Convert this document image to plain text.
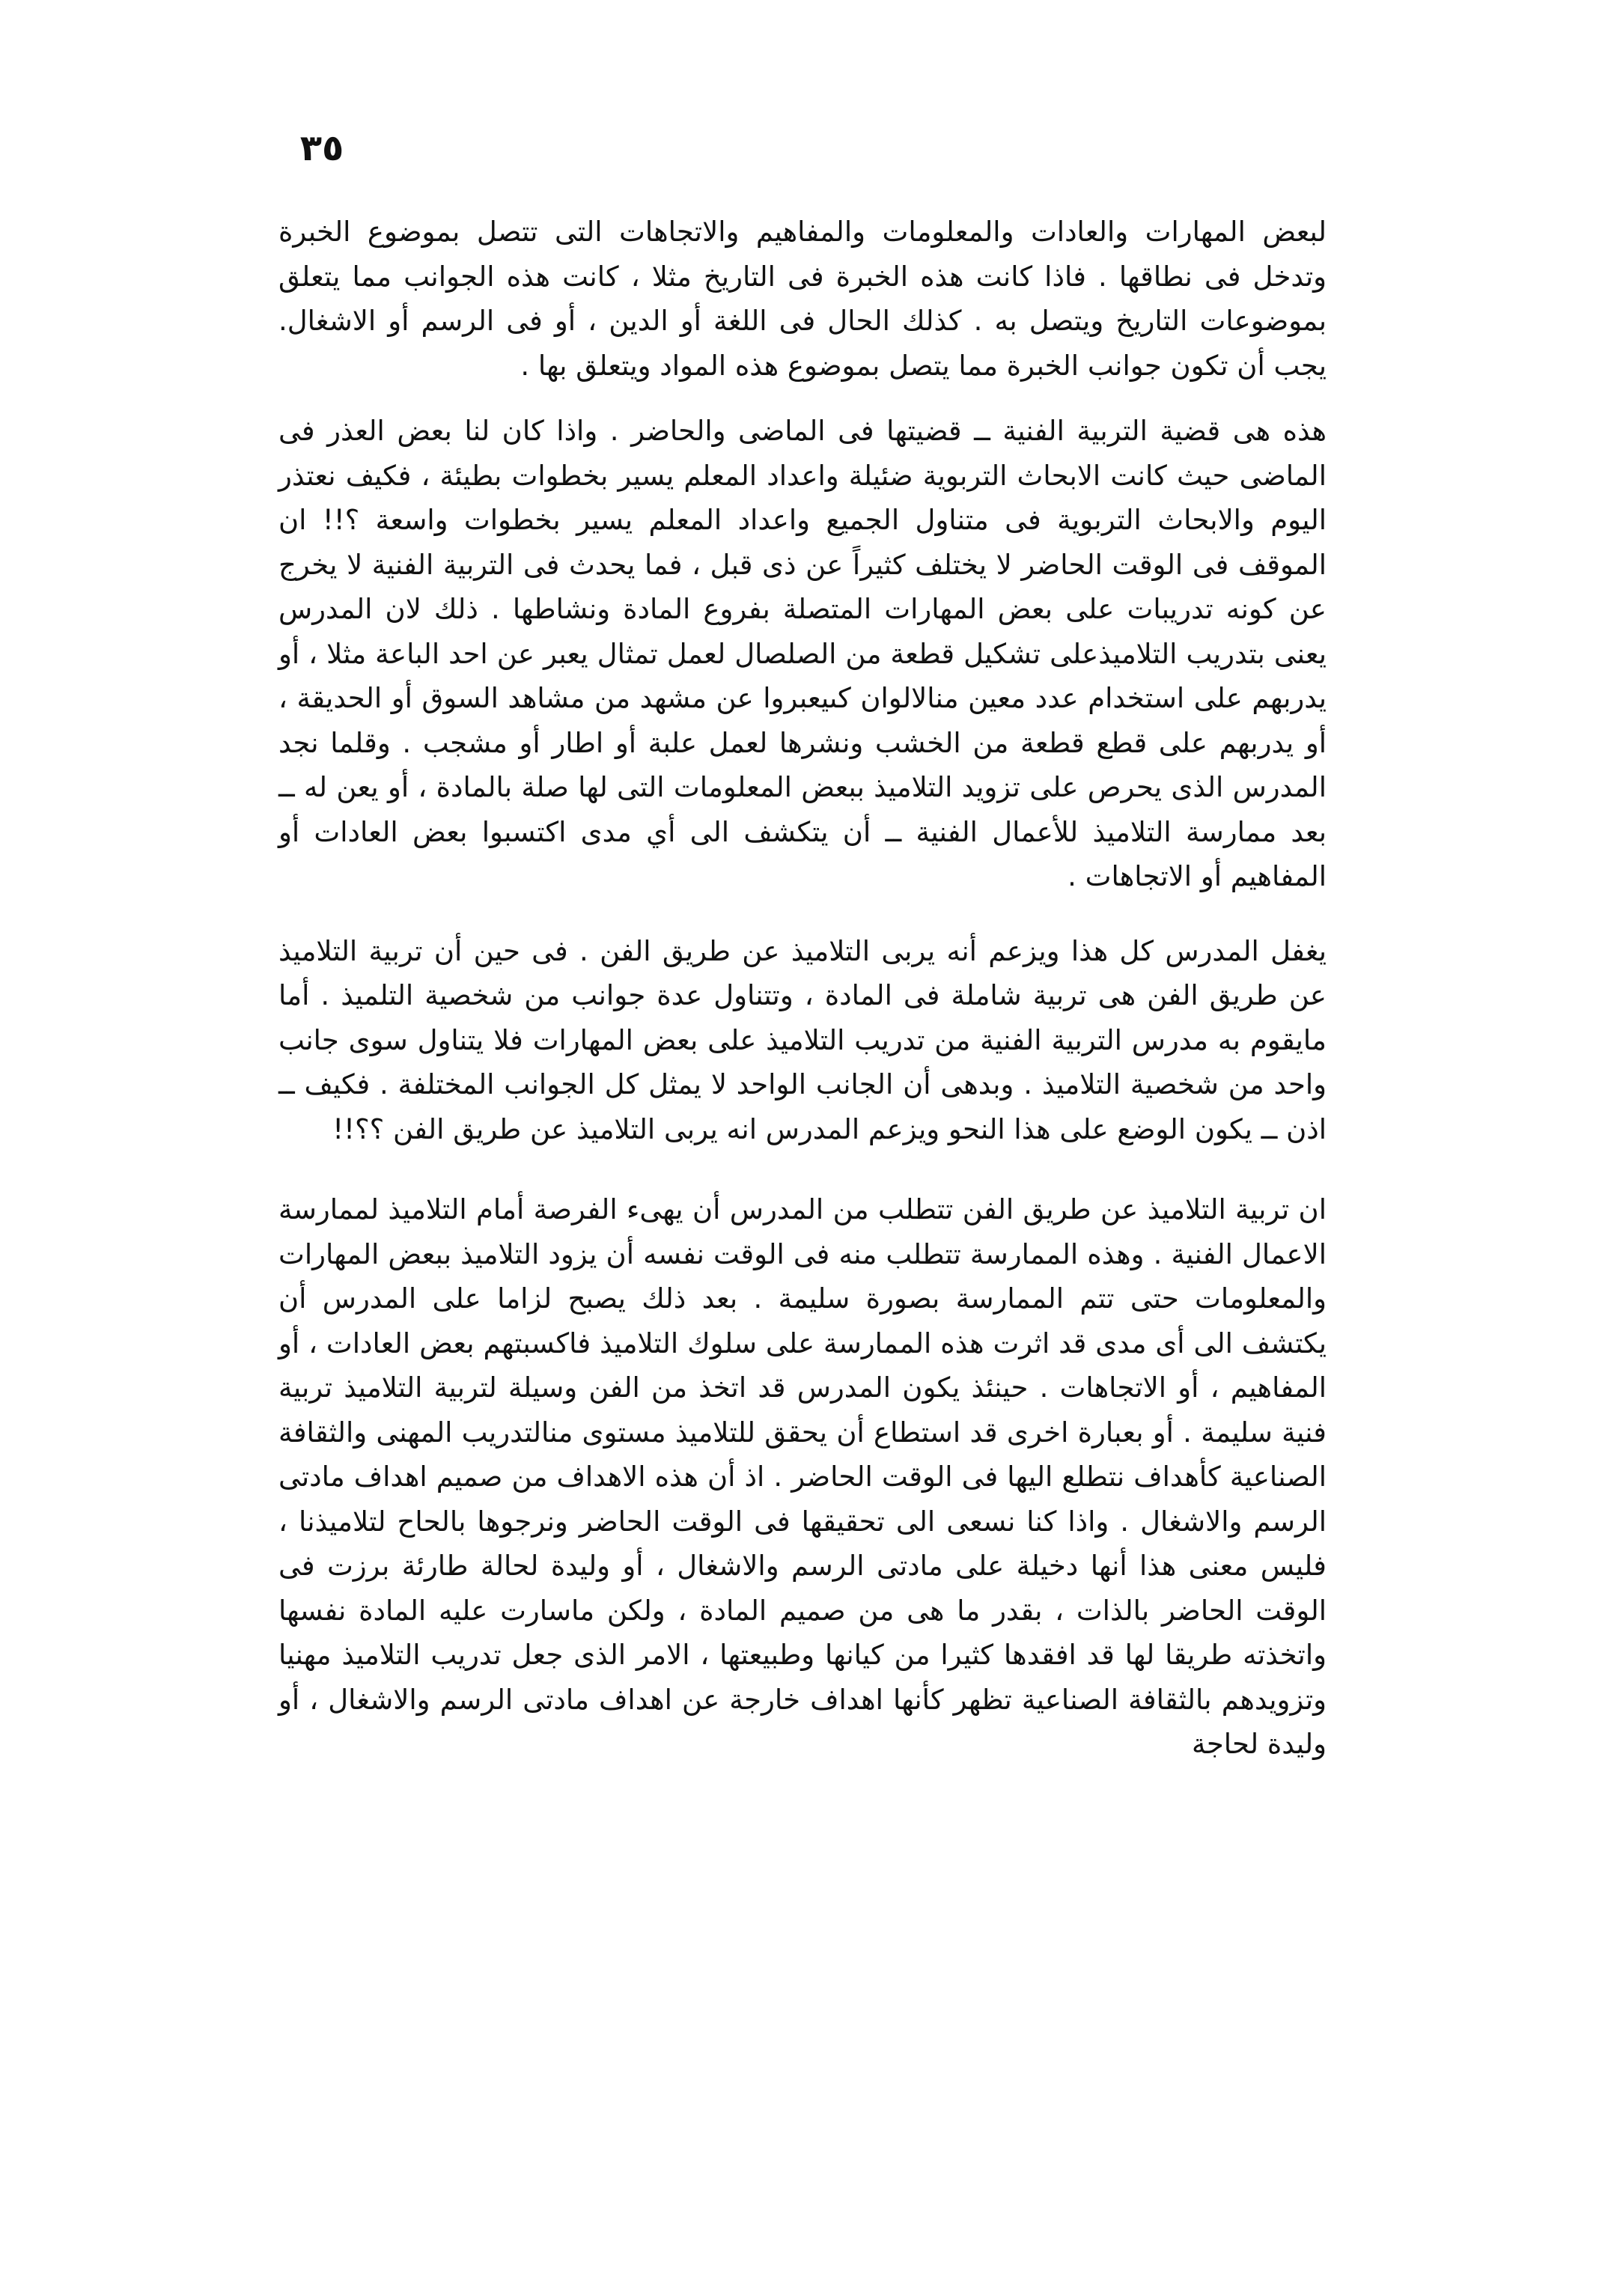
٣٥

لبعض المهارات والعادات والمعلومات والمفاهيم والاتجاهات التى تتصل بموضوع الخبرة وتدخل فى نطاقها . فاذا كانت هذه الخبرة فى التاريخ مثلا ، كانت هذه الجوانب مما يتعلق بموضوعات التاريخ ويتصل به . كذلك الحال فى اللغة أو الدين ، أو فى الرسم أو الاشغال. يجب أن تكون جوانب الخبرة مما يتصل بموضوع هذه المواد ويتعلق بها .

هذه هى قضية التربية الفنية ــ قضيتها فى الماضى والحاضر . واذا كان لنا بعض العذر فى الماضى حيث كانت الابحاث التربوية ضئيلة واعداد المعلم يسير بخطوات بطيئة ، فكيف نعتذر اليوم والابحاث التربوية فى متناول الجميع واعداد المعلم يسير بخطوات واسعة ؟!! ان الموقف فى الوقت الحاضر لا يختلف كثيراً عن ذى قبل ، فما يحدث فى التربية الفنية لا يخرج عن كونه تدريبات على بعض المهارات المتصلة بفروع المادة ونشاطها . ذلك لان المدرس يعنى بتدريب التلاميذعلى تشكيل قطعة من الصلصال لعمل تمثال يعبر عن احد الباعة مثلا ، أو يدربهم على استخدام عدد معين منالالوان كىيعبروا عن مشهد من مشاهد السوق أو الحديقة ، أو يدربهم على قطع قطعة من الخشب ونشرها لعمل علبة أو اطار أو مشجب . وقلما نجد المدرس الذى يحرص على تزويد التلاميذ ببعض المعلومات التى لها صلة بالمادة ، أو يعن له ــ بعد ممارسة التلاميذ للأعمال الفنية ــ أن يتكشف الى أي مدى اكتسبوا بعض العادات أو المفاهيم أو الاتجاهات .

يغفل المدرس كل هذا ويزعم أنه يربى التلاميذ عن طريق الفن . فى حين أن تربية التلاميذ عن طريق الفن هى تربية شاملة فى المادة ، وتتناول عدة جوانب من شخصية التلميذ . أما مايقوم به مدرس التربية الفنية من تدريب التلاميذ على بعض المهارات فلا يتناول سوى جانب واحد من شخصية التلاميذ . وبدهى أن الجانب الواحد لا يمثل كل الجوانب المختلفة . فكيف ــ اذن ــ يكون الوضع على هذا النحو ويزعم المدرس انه يربى التلاميذ عن طريق الفن ؟؟!!

ان تربية التلاميذ عن طريق الفن تتطلب من المدرس أن يهىء الفرصة أمام التلاميذ لممارسة الاعمال الفنية . وهذه الممارسة تتطلب منه فى الوقت نفسه أن يزود التلاميذ ببعض المهارات والمعلومات حتى تتم الممارسة بصورة سليمة . بعد ذلك يصبح لزاما على المدرس أن يكتشف الى أى مدى قد اثرت هذه الممارسة على سلوك التلاميذ فاكسبتهم بعض العادات ، أو المفاهيم ، أو الاتجاهات . حينئذ يكون المدرس قد اتخذ من الفن وسيلة لتربية التلاميذ تربية فنية سليمة . أو بعبارة اخرى قد استطاع أن يحقق للتلاميذ مستوى منالتدريب المهنى والثقافة الصناعية كأهداف نتطلع اليها فى الوقت الحاضر . اذ أن هذه الاهداف من صميم اهداف مادتى الرسم والاشغال . واذا كنا نسعى الى تحقيقها فى الوقت الحاضر ونرجوها بالحاح لتلاميذنا ، فليس معنى هذا أنها دخيلة على مادتى الرسم والاشغال ، أو وليدة لحالة طارئة برزت فى الوقت الحاضر بالذات ، بقدر ما هى من صميم المادة ، ولكن ماسارت عليه المادة نفسها واتخذته طريقا لها قد افقدها كثيرا من كيانها وطبيعتها ، الامر الذى جعل تدريب التلاميذ مهنيا وتزويدهم بالثقافة الصناعية تظهر كأنها اهداف خارجة عن اهداف مادتى الرسم والاشغال ، أو وليدة لحاجة
